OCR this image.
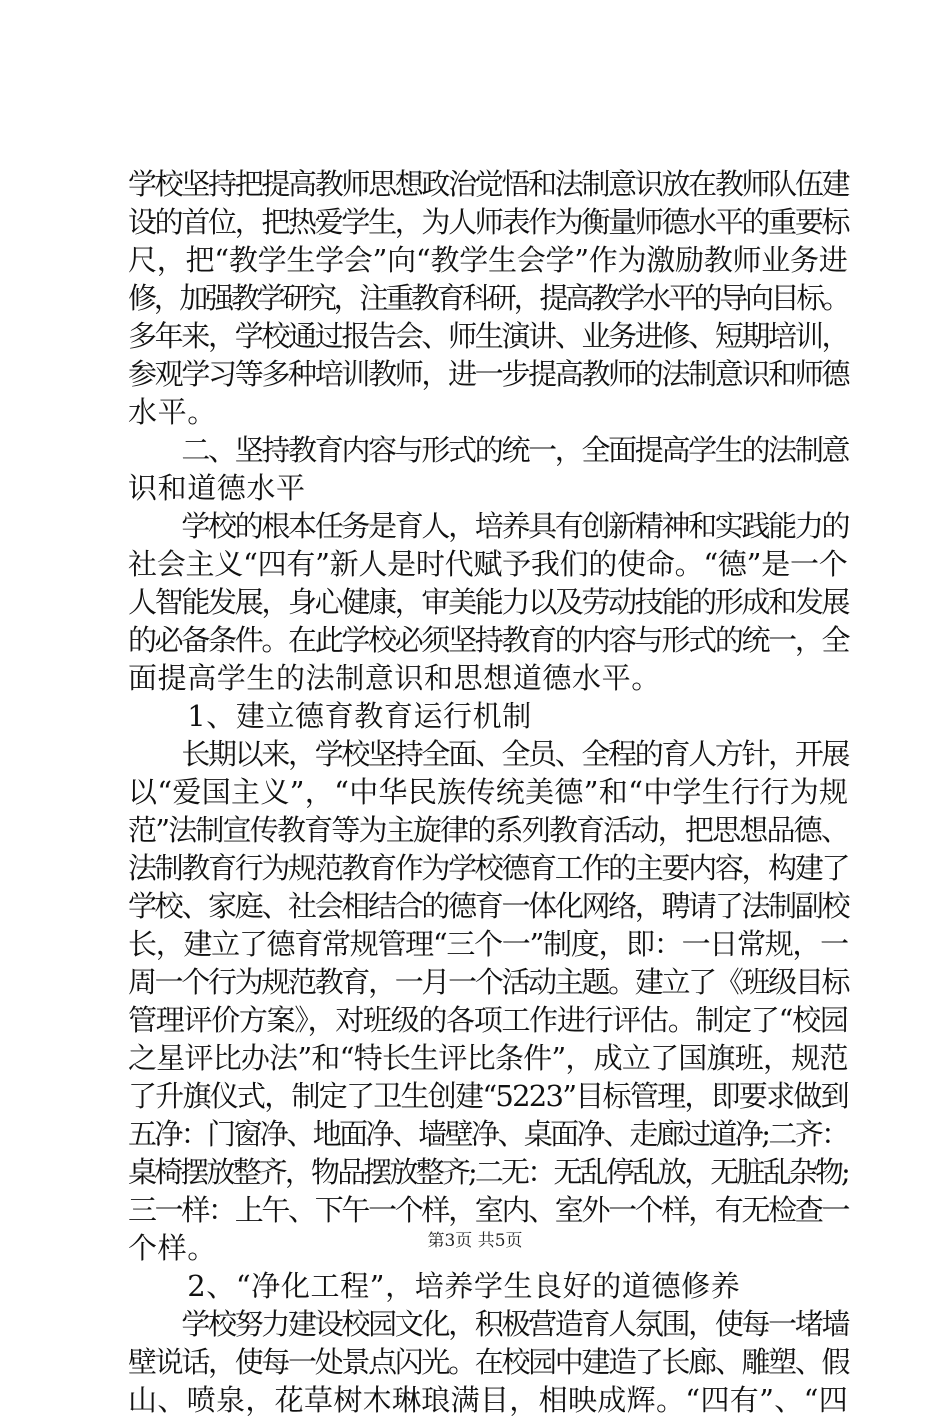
学校坚持把提高教师思想政治觉悟和法制意识放在教师队伍建
设的首位，把热爱学生，为人师表作为衡量师德水平的重要标
尺，把“教学生学会”向“教学生会学”作为激励教师业务进
修，加强教学研究，注重教育科研，提高教学水平的导向目标。
多年来，学校通过报告会、师生演讲、业务进修、短期培训，
参观学习等多种培训教师，进一步提高教师的法制意识和师德
水平。
　　二、坚持教育内容与形式的统一，全面提高学生的法制意
识和道德水平
　　学校的根本任务是育人，培养具有创新精神和实践能力的
社会主义“四有”新人是时代赋予我们的使命。“德”是一个
人智能发展，身心健康，审美能力以及劳动技能的形成和发展
的必备条件。在此学校必须坚持教育的内容与形式的统一，全
面提高学生的法制意识和思想道德水平。
　　1、建立德育教育运行机制
　　长期以来，学校坚持全面、全员、全程的育人方针，开展
以“爱国主义”，“中华民族传统美德”和“中学生行行为规
范”法制宣传教育等为主旋律的系列教育活动，把思想品德、
法制教育行为规范教育作为学校德育工作的主要内容，构建了
学校、家庭、社会相结合的德育一体化网络，聘请了法制副校
长，建立了德育常规管理“三个一”制度，即：一日常规，一
周一个行为规范教育，一月一个活动主题。建立了《班级目标
管理评价方案》，对班级的各项工作进行评估。制定了“校园
之星评比办法”和“特长生评比条件”，成立了国旗班，规范
了升旗仪式，制定了卫生创建“5223”目标管理，即要求做到
五净：门窗净、地面净、墙壁净、桌面净、走廊过道净;二齐：
桌椅摆放整齐，物品摆放整齐;二无：无乱停乱放，无脏乱杂物;
三一样：上午、下午一个样，室内、室外一个样，有无检查一
个样。
　　2、“净化工程”，培养学生良好的道德修养
　　学校努力建设校园文化，积极营造育人氛围，使每一堵墙
壁说话，使每一处景点闪光。在校园中建造了长廊、雕塑、假
山、喷泉，花草树木琳琅满目，相映成辉。“四有”、“四
第3页 共5页
